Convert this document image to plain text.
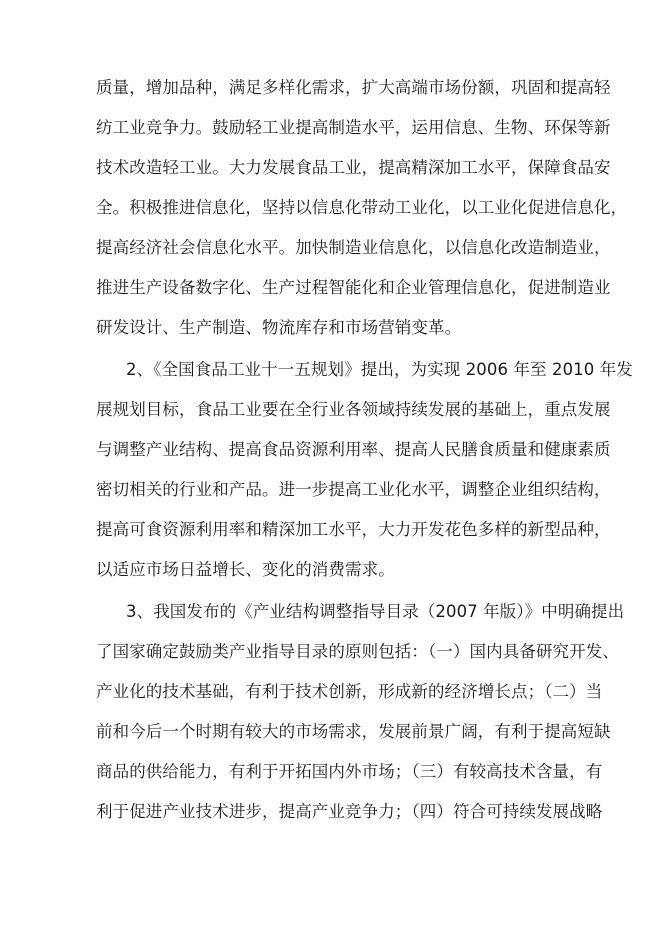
质量，增加品种，满足多样化需求，扩大高端市场份额，巩固和提高轻
纺工业竞争力。鼓励轻工业提高制造水平，运用信息、生物、环保等新
技术改造轻工业。大力发展食品工业，提高精深加工水平，保障食品安
全。积极推进信息化，坚持以信息化带动工业化，以工业化促进信息化，
提高经济社会信息化水平。加快制造业信息化，以信息化改造制造业，
推进生产设备数字化、生产过程智能化和企业管理信息化，促进制造业
研发设计、生产制造、物流库存和市场营销变革。
2、《全国食品工业十一五规划》提出，为实现 2006 年至 2010 年发
展规划目标，食品工业要在全行业各领域持续发展的基础上，重点发展
与调整产业结构、提高食品资源利用率、提高人民膳食质量和健康素质
密切相关的行业和产品。进一步提高工业化水平，调整企业组织结构，
提高可食资源利用率和精深加工水平，大力开发花色多样的新型品种，
以适应市场日益增长、变化的消费需求。
3、我国发布的《产业结构调整指导目录（2007 年版）》中明确提出
了国家确定鼓励类产业指导目录的原则包括：（一）国内具备研究开发、
产业化的技术基础，有利于技术创新，形成新的经济增长点；（二）当
前和今后一个时期有较大的市场需求，发展前景广阔，有利于提高短缺
商品的供给能力，有利于开拓国内外市场；（三）有较高技术含量，有
利于促进产业技术进步，提高产业竞争力；（四）符合可持续发展战略
